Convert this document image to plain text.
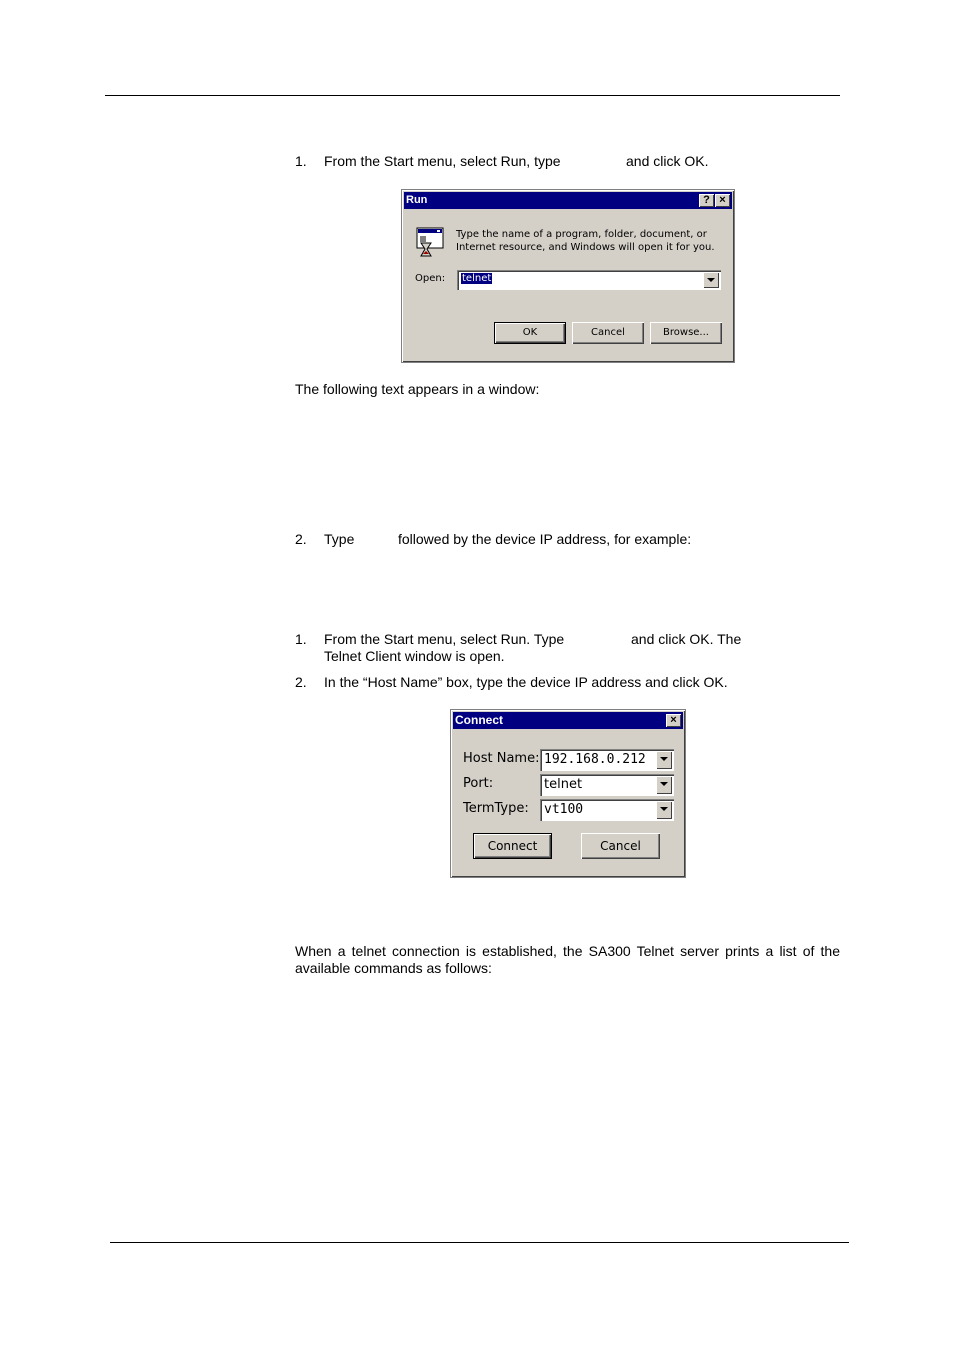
1. From the Start menu, select Run, type	and click OK.
Run	? ×
Type the name of a program, folder, document, or
Internet resource, and Windows will open it for you.
Open: telnet
OK	Cancel	Browse...
The following text appears in a window:
2. Type	followed by the device IP address, for example:
1. From the Start menu, select Run. Type	and click OK. The
Telnet Client window is open.
2. In the “Host Name” box, type the device IP address and click OK.
Connect	×
Host Name: 192.168.0.212
Port:	telnet
TermType: vt100
Connect	Cancel
When a telnet connection is established, the SA300 Telnet server prints a list of the available commands as follows:
